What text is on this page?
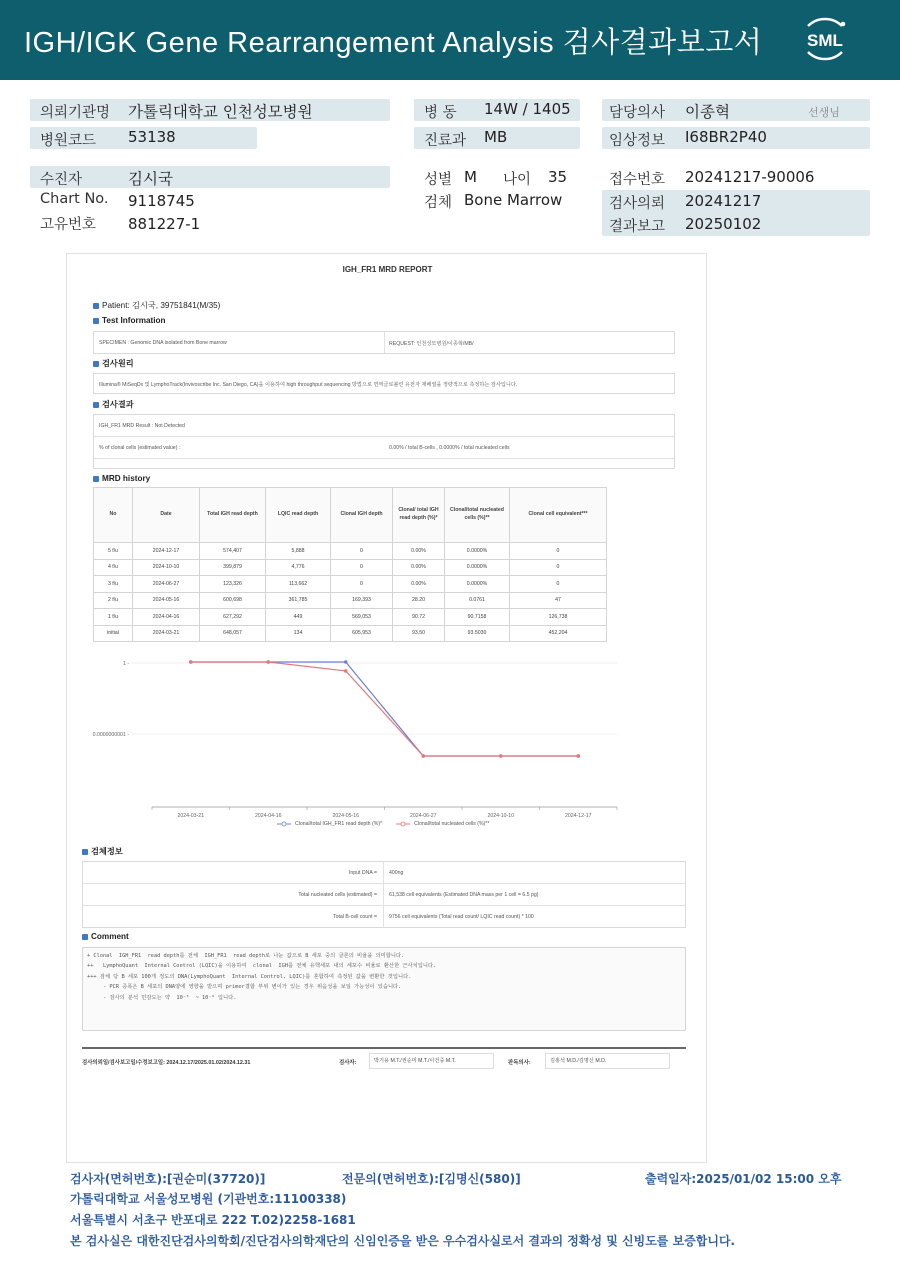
IGH/IGK Gene Rearrangement Analysis 검사결과보고서	SML
의뢰기관명 가톨릭대학교 인천성모병원
병원코드 53138
병 동 14W / 1405
진료과 MB
담당의사 이종혁	선생님
임상정보 I68BR2P40
수진자	김시국
Chart No. 9118745
고유번호 881227-1
성별 M 나이 35
검체 Bone Marrow
접수번호 20241217-90006
검사의뢰 20241217
결과보고 20250102
IGH_FR1 MRD REPORT
Patient:
김시국, 39751841(M/35)
Test Information
SPECIMEN : Genomic DNA isolated from Bone marrow	REQUEST: 인천성모병원/이종혁/MB/
검사원리
Illumina® MiSeqDx 및 LymphoTrack(Invivoscribe Inc. San Diego, CA)을 이용하여 high throughput sequencing 방법으로 면역글로불린 유전자 재배열을 정량적으로 측정하는 검사입니다.
검사결과
IGH_FR1 MRD Result : Not Detected
% of clonal cells (estimated value) :	0.00% / total B-cells , 0.0000% / total nucleated cells
MRD history
No	Date	Total IGH read depth	LQIC read depth	Clonal IGH depth	Clonal/ total IGH read depth (%)*	Clonal/total nucleated cells (%)**	Clonal cell equivalent***
5 f/u	2024-12-17	574,407	5,888	0	0.00%	0.0000%	0
4 f/u	2024-10-10	399,879	4,776	0	0.00%	0.0000%	0
3 f/u	2024-06-27	123,326	113,662	0	0.00%	0.0000%	0
2 f/u	2024-05-16	600,698	361,785	169,393	28.20	0.0761	47
1 f/u	2024-04-16	627,292	449	569,053	90.72	90.7158	126,738
initial	2024-03-21	648,057	134	605,953	93.50	93.5030	452,204
1 -
0.0000000001 -
2024-03-21	2024-04-16	2024-05-16	2024-06-27	2024-10-10	2024-12-17
Clonal/total IGH_FR1 read depth (%)*	Clonal/total nucleated cells (%)**
검체정보
Input DNA = 400ng
Total nucleated cells (estimated) = 61,538 cell equivalents (Estimated DNA mass per 1 cell = 6.5 pg)
Total B-cell count = 9756 cell equivalents (Total read count/ LQIC read count) * 100
Comment
+ Clonal  IGH_FR1  read depth를 전체  IGH_FR1  read depth로 나눈 값으로 B 세포 중의 클론의 비율을 의미합니다.
++   LymphoQuant  Internal Control (LQIC)을 이용하여  clonal  IGH를 전체 유핵세포 내의 세포수 비율로 환산한 근사치입니다.
+++ 검체 당 B 세포 100개 정도의 DNA(LymphoQuant  Internal Control, LQIC)를 혼합하여 측정된 값을 변환한 것입니다.
- PCR 증폭은 B 세포의 DNA양에 영향을 받으며 primer결합 부위 변이가 있는 경우 위음성을 보일 가능성이 있습니다.
- 검사의 분석 민감도는 약  10⁻⁵  ~ 10⁻⁶ 입니다.
검사의뢰일/검사보고일/수정보고일: 2024.12.17/2025.01.02/2024.12.31	검사자:	박기용 M.T./권순미 M.T./이건중 M.T.	판독의사:	김홍석 M.D./김명신 M.D.
검사자(면허번호):[권순미(37720)]	전문의(면허번호):[김명신(580)]	출력일자:2025/01/02 15:00 오후
가톨릭대학교 서울성모병원 (기관번호:11100338)
서울특별시 서초구 반포대로 222 T.02)2258-1681
본 검사실은 대한진단검사의학회/진단검사의학재단의 신임인증을 받은 우수검사실로서 결과의 정확성 및 신빙도를 보증합니다.
